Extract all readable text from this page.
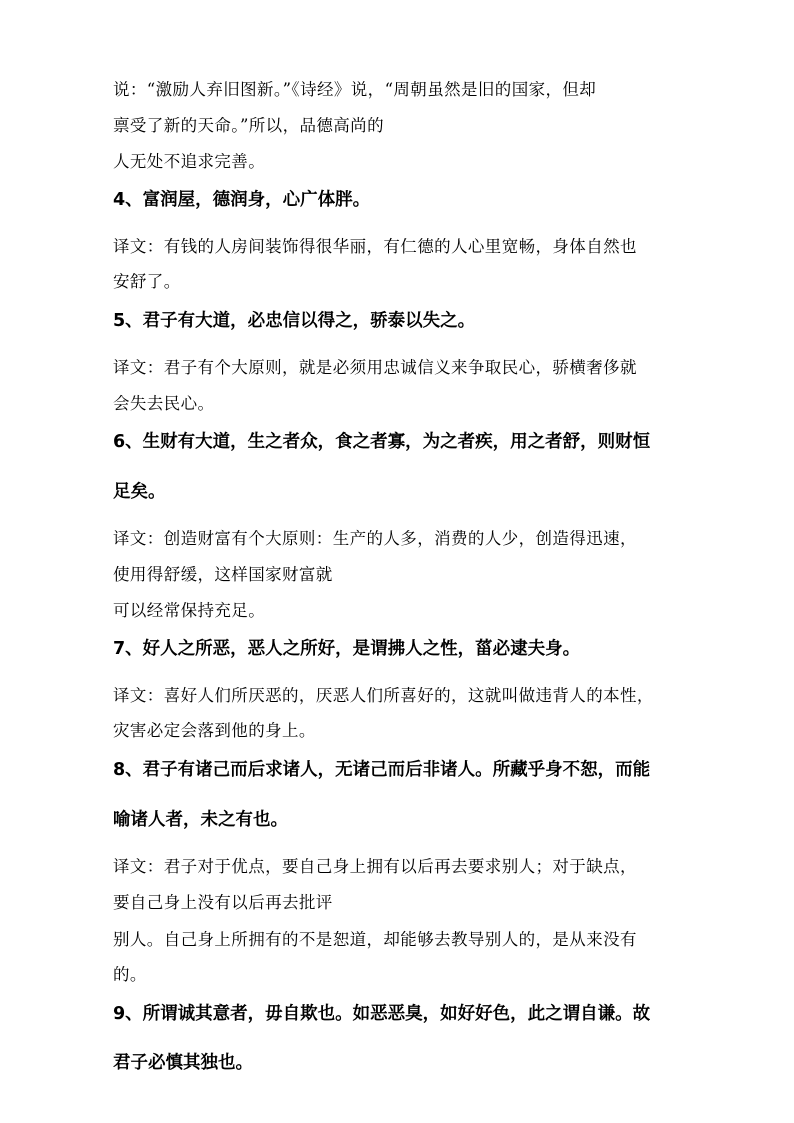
说：“激励人弃旧图新。”《诗经》说，“周朝虽然是旧的国家，但却
禀受了新的天命。”所以，品德高尚的
人无处不追求完善。
4、富润屋，德润身，心广体胖。
译文：有钱的人房间装饰得很华丽，有仁德的人心里宽畅，身体自然也
安舒了。
5、君子有大道，必忠信以得之，骄泰以失之。
译文：君子有个大原则，就是必须用忠诚信义来争取民心，骄横奢侈就
会失去民心。
6、生财有大道，生之者众，食之者寡，为之者疾，用之者舒，则财恒
足矣。
译文：创造财富有个大原则：生产的人多，消费的人少，创造得迅速，
使用得舒缓，这样国家财富就
可以经常保持充足。
7、好人之所恶，恶人之所好，是谓拂人之性，菑必逮夫身。
译文：喜好人们所厌恶的，厌恶人们所喜好的，这就叫做违背人的本性，
灾害必定会落到他的身上。
8、君子有诸己而后求诸人，无诸己而后非诸人。所藏乎身不恕，而能
喻诸人者，未之有也。
译文：君子对于优点，要自己身上拥有以后再去要求别人；对于缺点，
要自己身上没有以后再去批评
别人。自己身上所拥有的不是恕道，却能够去教导别人的，是从来没有
的。
9、所谓诚其意者，毋自欺也。如恶恶臭，如好好色，此之谓自谦。故
君子必慎其独也。
